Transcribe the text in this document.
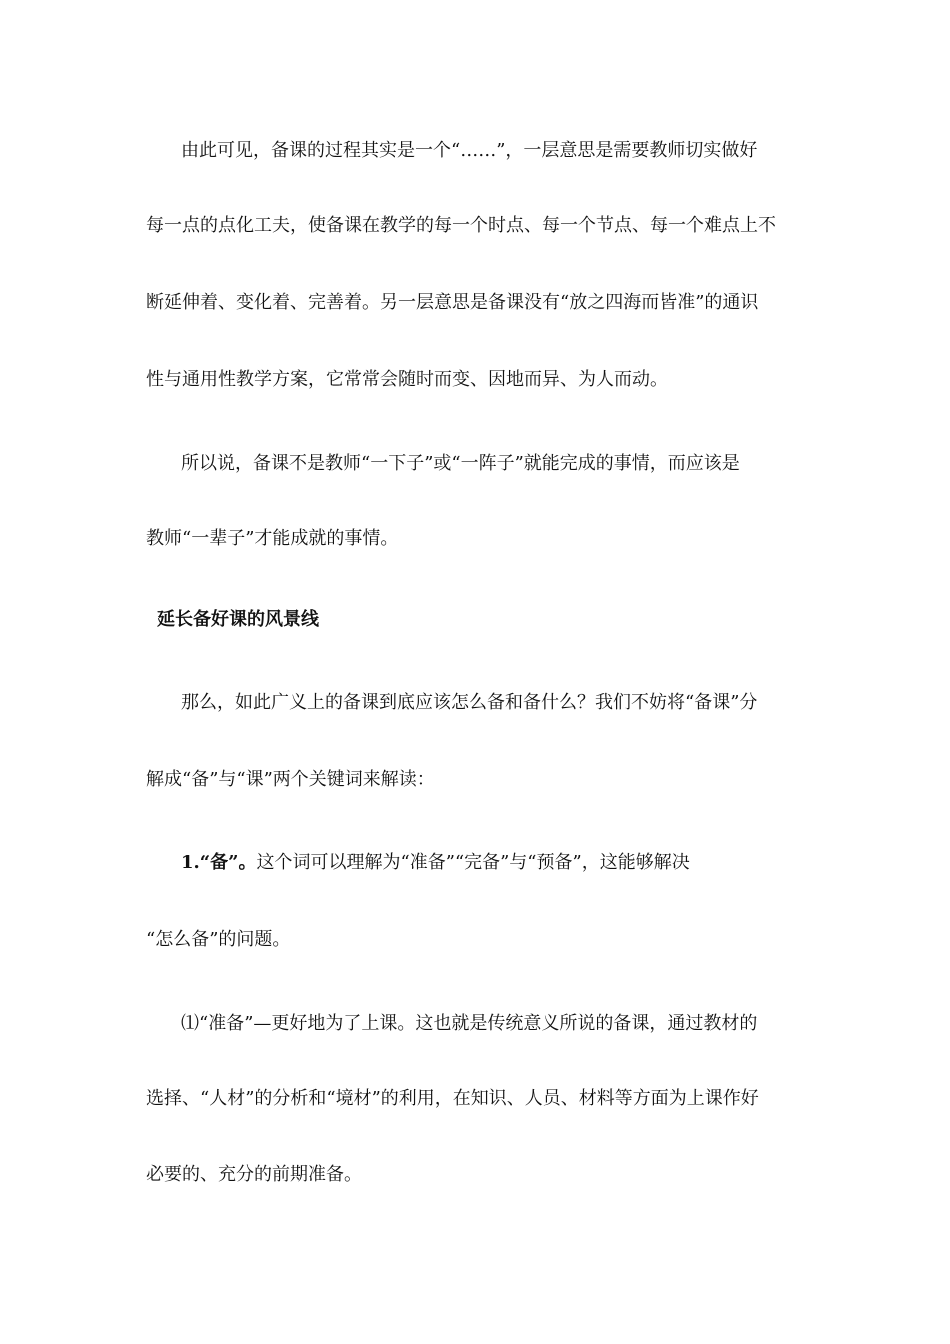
由此可见，备课的过程其实是一个“……”，一层意思是需要教师切实做好
每一点的点化工夫，使备课在教学的每一个时点、每一个节点、每一个难点上不
断延伸着、变化着、完善着。另一层意思是备课没有“放之四海而皆准”的通识
性与通用性教学方案，它常常会随时而变、因地而异、为人而动。
所以说，备课不是教师“一下子”或“一阵子”就能完成的事情，而应该是
教师“一辈子”才能成就的事情。
延长备好课的风景线
那么，如此广义上的备课到底应该怎么备和备什么？我们不妨将“备课”分
解成“备”与“课”两个关键词来解读：
1.“备”。这个词可以理解为“准备”“完备”与“预备”，这能够解决
“怎么备”的问题。
⑴“准备”—更好地为了上课。这也就是传统意义所说的备课，通过教材的
选择、“人材”的分析和“境材”的利用，在知识、人员、材料等方面为上课作好
必要的、充分的前期准备。
